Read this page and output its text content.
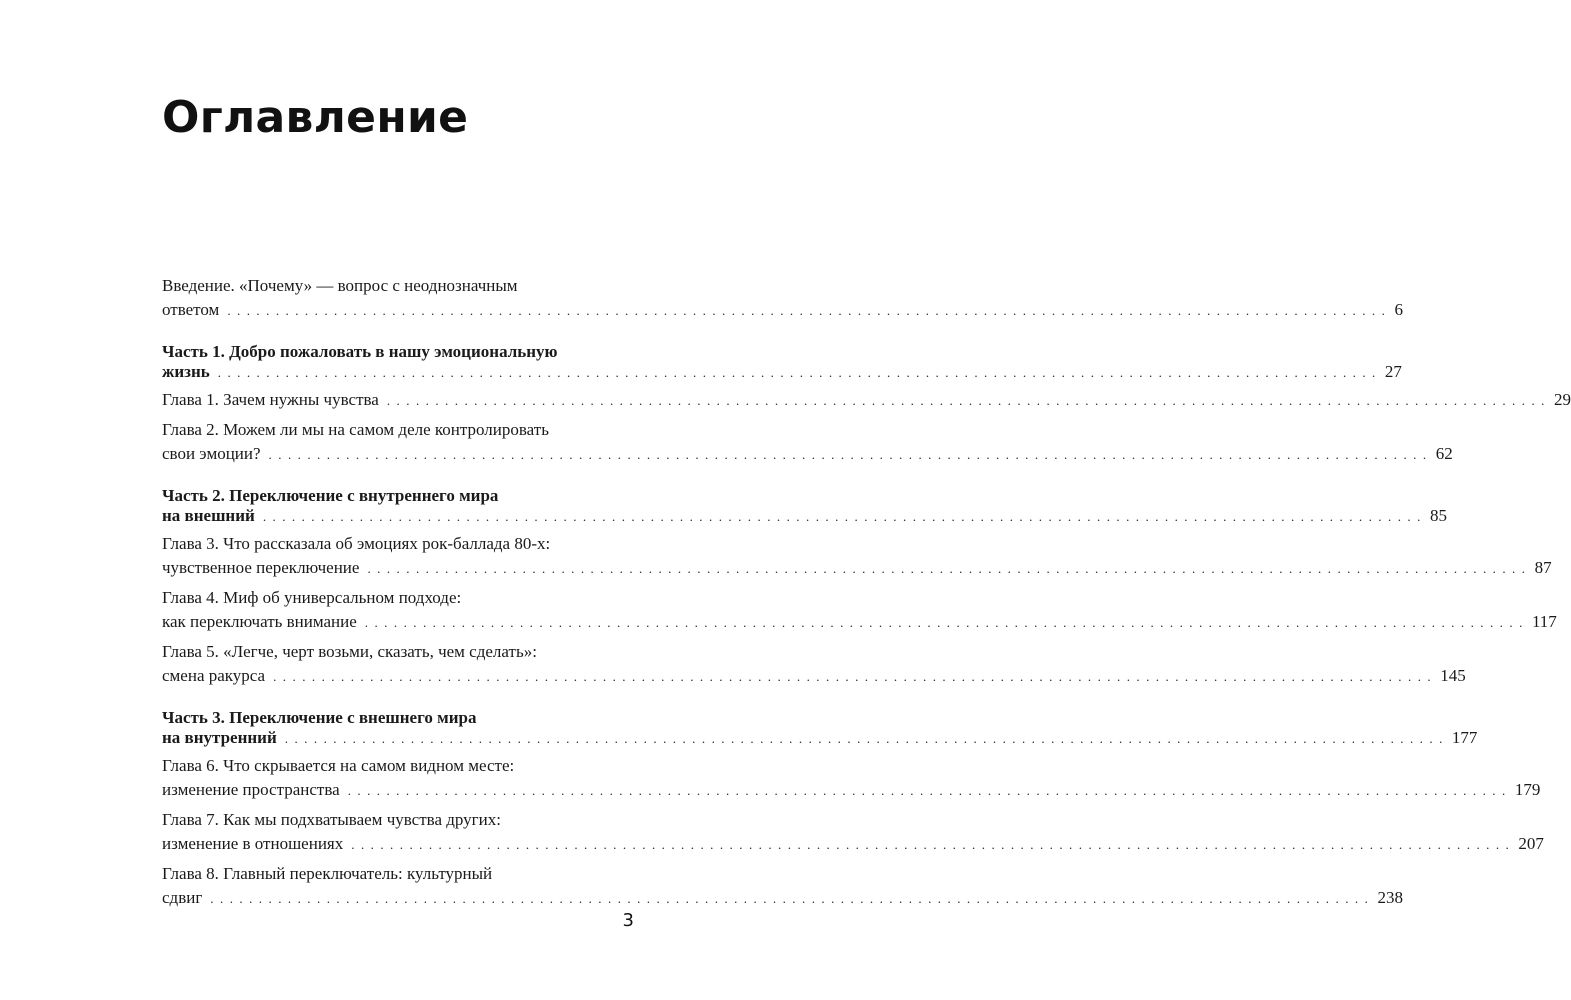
Оглавление
Введение. «Почему» — вопрос с неоднозначным
ответом . . . . . . . . . . . . . . . . . . . . . . . . . . . . . . . . . . . . . . . . . . . . . . . . . . . . . . . . . . . . . . . . . . . . . . . . . . . . . . . . . . . . . . . . . . . . . . . . . . . . . . . . . . . . . . . . . . . . . . . . 6
Часть 1. Добро пожаловать в нашу эмоциональную
жизнь . . . . . . . . . . . . . . . . . . . . . . . . . . . . . . . . . . . . . . . . . . . . . . . . . . . . . . . . . . . . . . . . . . . . . . . . . . . . . . . . . . . . . . . . . . . . . . . . . . . . . . . . . . . . . . . . . . . . . . . . 27
Глава 1. Зачем нужны чувства . . . . . . . . . . . . . . . . . . . . . . . . . . . . . . . . . . . . . . . . . . . . . . . . . . . . . . . . . . . . . . . . . . . . . . . . . . . . . . . . . . . . . . . . . . . . . . . . . . . . . . . . . . . . . . . . . . . . . . . . 29
Глава 2. Можем ли мы на самом деле контролировать
свои эмоции? . . . . . . . . . . . . . . . . . . . . . . . . . . . . . . . . . . . . . . . . . . . . . . . . . . . . . . . . . . . . . . . . . . . . . . . . . . . . . . . . . . . . . . . . . . . . . . . . . . . . . . . . . . . . . . . . . . . . . . . . 62
Часть 2. Переключение с внутреннего мира
на внешний . . . . . . . . . . . . . . . . . . . . . . . . . . . . . . . . . . . . . . . . . . . . . . . . . . . . . . . . . . . . . . . . . . . . . . . . . . . . . . . . . . . . . . . . . . . . . . . . . . . . . . . . . . . . . . . . . . . . . . . . 85
Глава 3. Что рассказала об эмоциях рок-баллада 80-х:
чувственное переключение . . . . . . . . . . . . . . . . . . . . . . . . . . . . . . . . . . . . . . . . . . . . . . . . . . . . . . . . . . . . . . . . . . . . . . . . . . . . . . . . . . . . . . . . . . . . . . . . . . . . . . . . . . . . . . . . . . . . . . . . 87
Глава 4. Миф об универсальном подходе:
как переключать внимание . . . . . . . . . . . . . . . . . . . . . . . . . . . . . . . . . . . . . . . . . . . . . . . . . . . . . . . . . . . . . . . . . . . . . . . . . . . . . . . . . . . . . . . . . . . . . . . . . . . . . . . . . . . . . . . . . . . . . . . . 117
Глава 5. «Легче, черт возьми, сказать, чем сделать»:
смена ракурса . . . . . . . . . . . . . . . . . . . . . . . . . . . . . . . . . . . . . . . . . . . . . . . . . . . . . . . . . . . . . . . . . . . . . . . . . . . . . . . . . . . . . . . . . . . . . . . . . . . . . . . . . . . . . . . . . . . . . . . . 145
Часть 3. Переключение с внешнего мира
на внутренний . . . . . . . . . . . . . . . . . . . . . . . . . . . . . . . . . . . . . . . . . . . . . . . . . . . . . . . . . . . . . . . . . . . . . . . . . . . . . . . . . . . . . . . . . . . . . . . . . . . . . . . . . . . . . . . . . . . . . . . . 177
Глава 6. Что скрывается на самом видном месте:
изменение пространства . . . . . . . . . . . . . . . . . . . . . . . . . . . . . . . . . . . . . . . . . . . . . . . . . . . . . . . . . . . . . . . . . . . . . . . . . . . . . . . . . . . . . . . . . . . . . . . . . . . . . . . . . . . . . . . . . . . . . . . . 179
Глава 7. Как мы подхватываем чувства других:
изменение в отношениях . . . . . . . . . . . . . . . . . . . . . . . . . . . . . . . . . . . . . . . . . . . . . . . . . . . . . . . . . . . . . . . . . . . . . . . . . . . . . . . . . . . . . . . . . . . . . . . . . . . . . . . . . . . . . . . . . . . . . . . . 207
Глава 8. Главный переключатель: культурный
сдвиг . . . . . . . . . . . . . . . . . . . . . . . . . . . . . . . . . . . . . . . . . . . . . . . . . . . . . . . . . . . . . . . . . . . . . . . . . . . . . . . . . . . . . . . . . . . . . . . . . . . . . . . . . . . . . . . . . . . . . . . . 238
3
